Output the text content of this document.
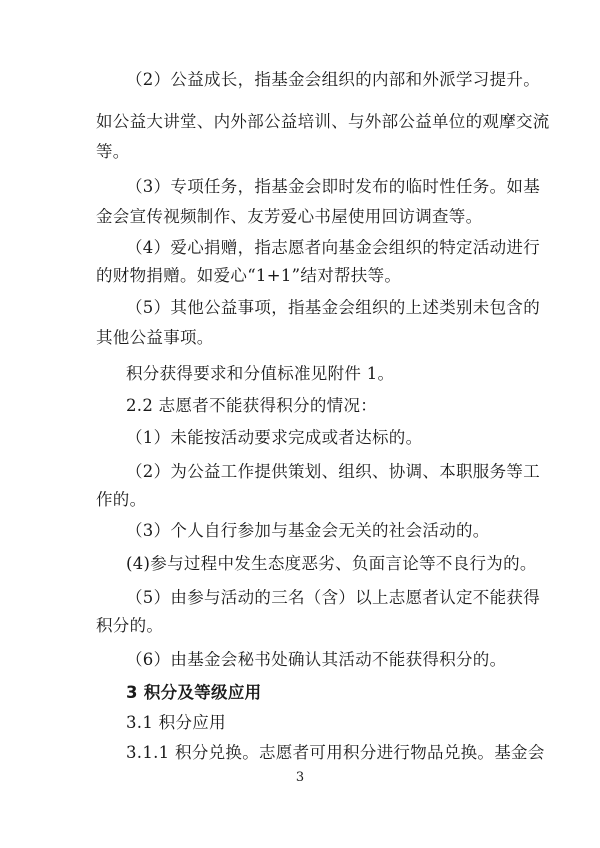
（2）公益成长，指基金会组织的内部和外派学习提升。
如公益大讲堂、内外部公益培训、与外部公益单位的观摩交流
等。
（3）专项任务，指基金会即时发布的临时性任务。如基
金会宣传视频制作、友芳爱心书屋使用回访调查等。
（4）爱心捐赠，指志愿者向基金会组织的特定活动进行
的财物捐赠。如爱心“1+1”结对帮扶等。
（5）其他公益事项，指基金会组织的上述类别未包含的
其他公益事项。
积分获得要求和分值标准见附件 1。
2.2 志愿者不能获得积分的情况：
（1）未能按活动要求完成或者达标的。
（2）为公益工作提供策划、组织、协调、本职服务等工
作的。
（3）个人自行参加与基金会无关的社会活动的。
(4)参与过程中发生态度恶劣、负面言论等不良行为的。
（5）由参与活动的三名（含）以上志愿者认定不能获得
积分的。
（6）由基金会秘书处确认其活动不能获得积分的。
3 积分及等级应用
3.1 积分应用
3.1.1 积分兑换。志愿者可用积分进行物品兑换。基金会
3
